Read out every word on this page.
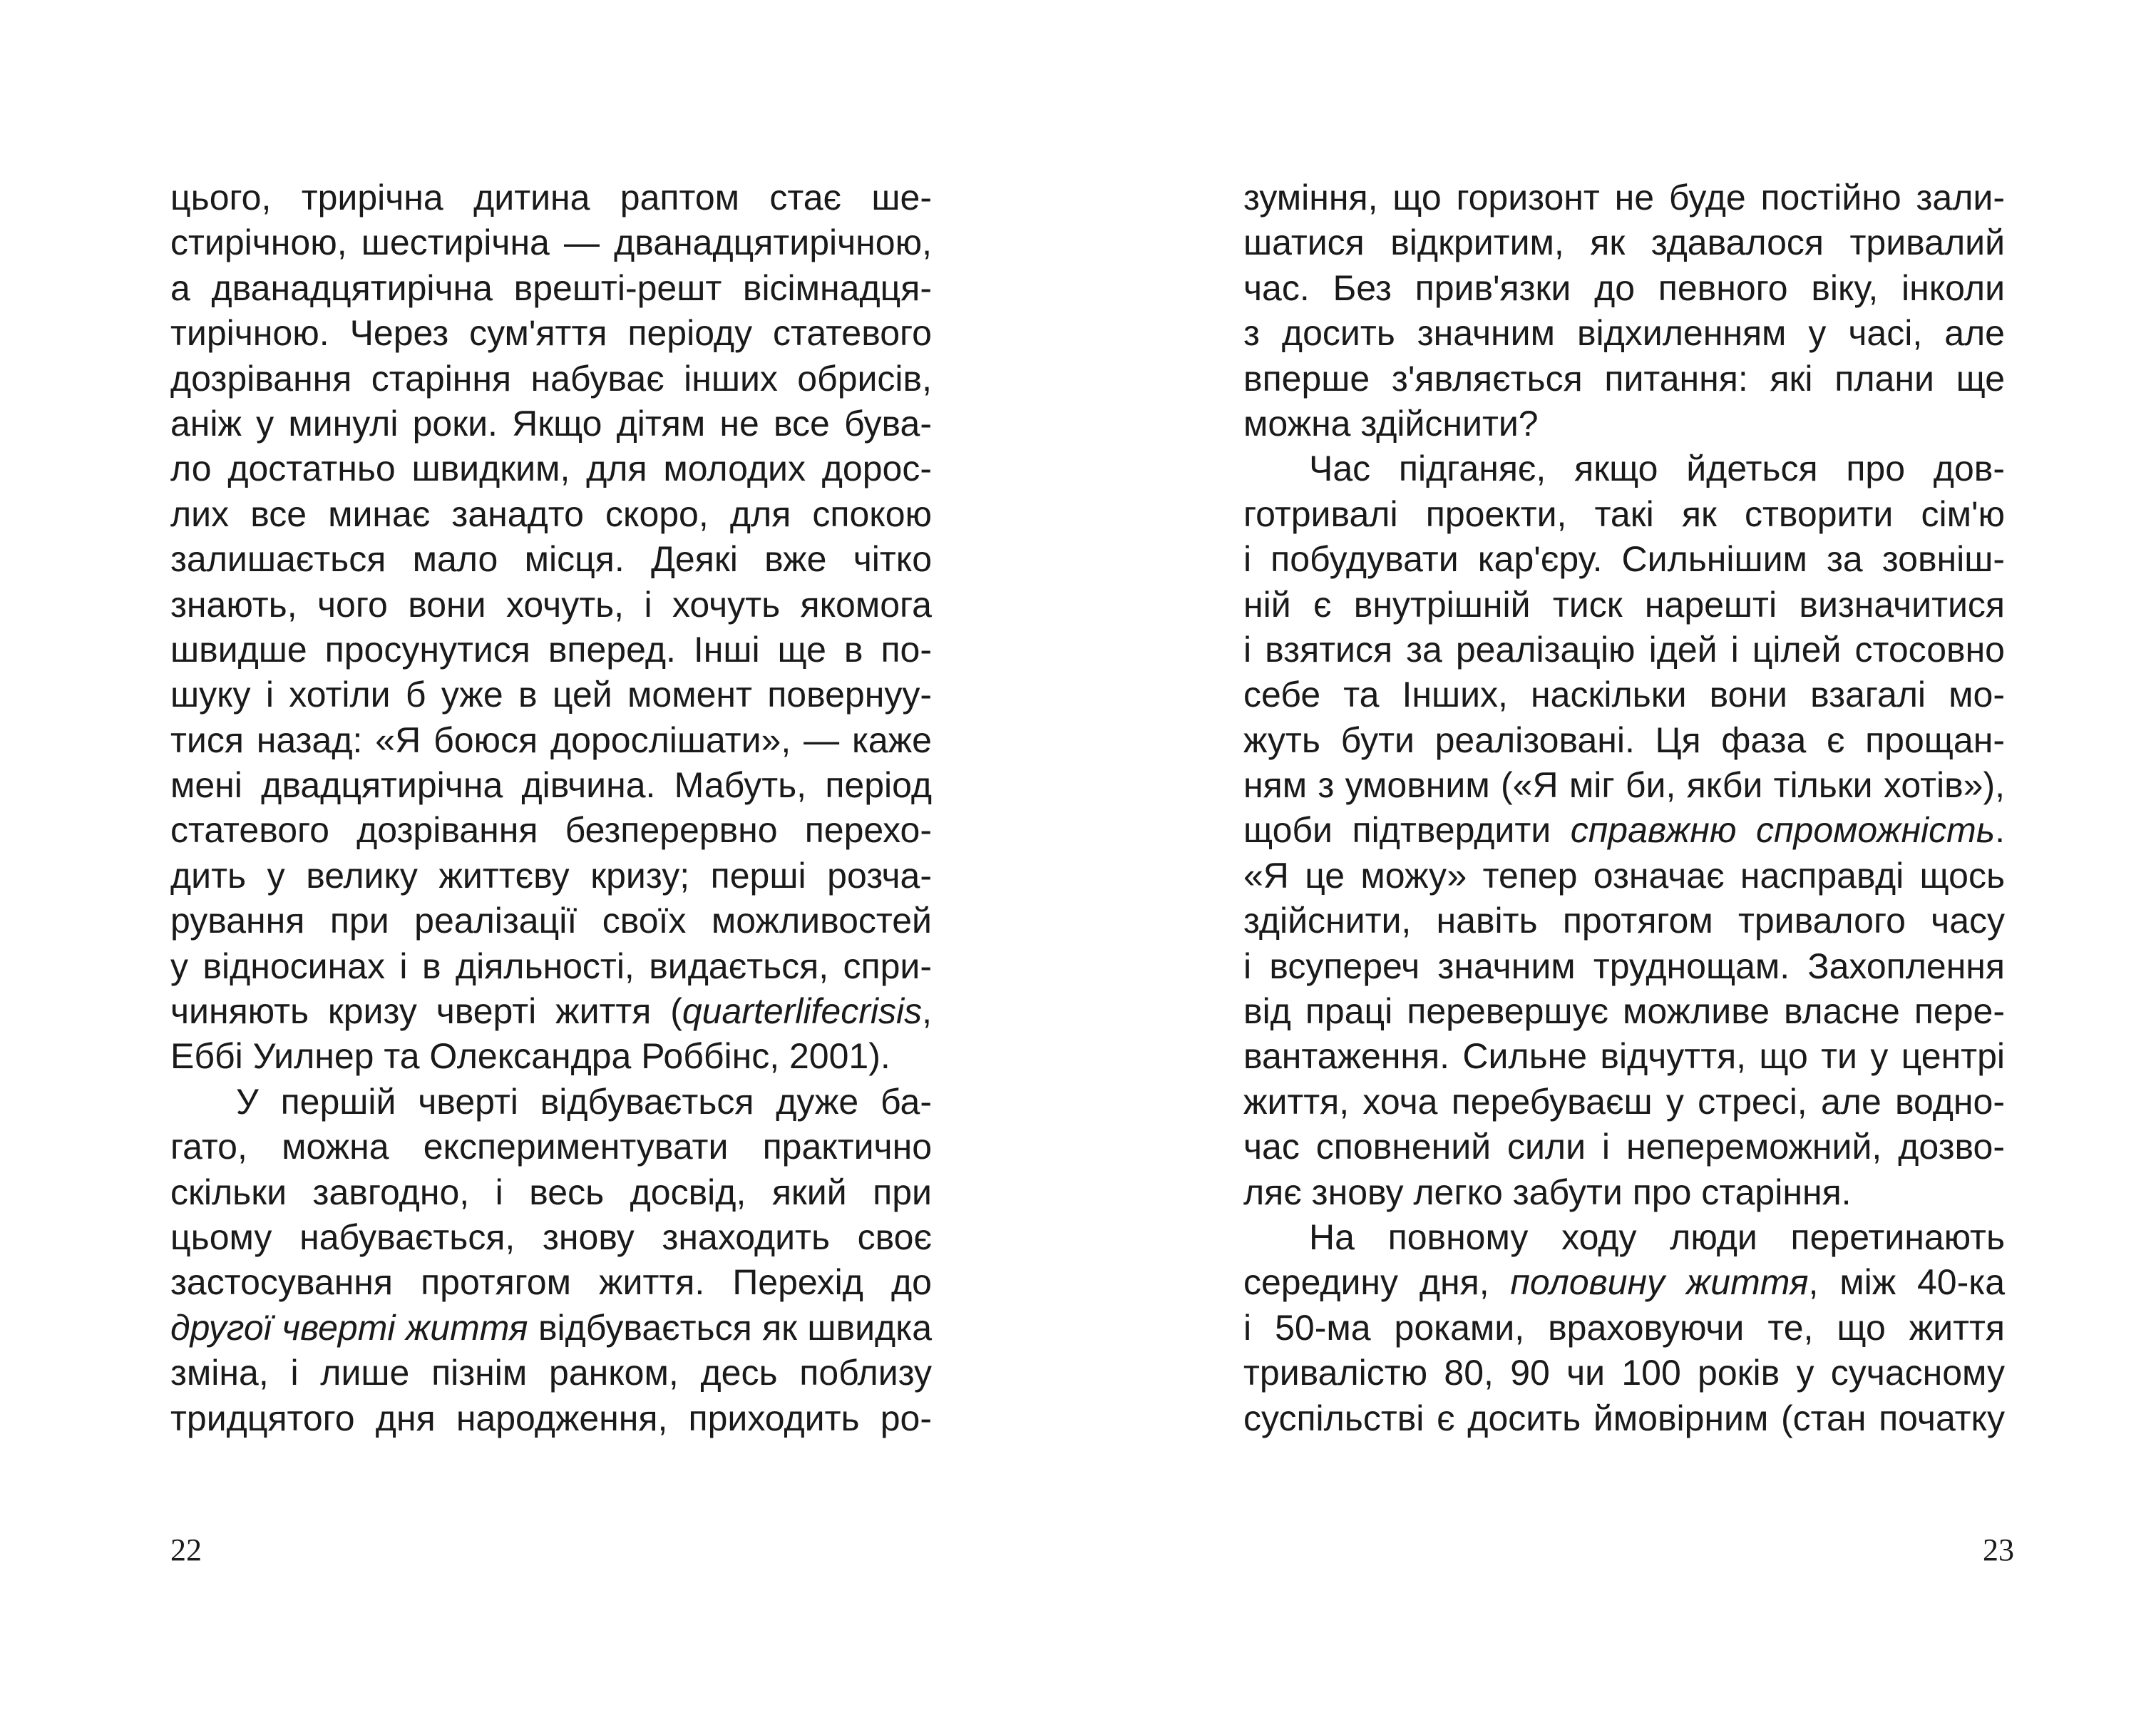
цього, трирічна дитина раптом стає ше-
стирічною, шестирічна — дванадцятирічною,
а дванадцятирічна врешті-решт вісімнадця-
тирічною. Через сум'яття періоду статевого
дозрівання старіння набуває інших обрисів,
аніж у минулі роки. Якщо дітям не все бува-
ло достатньо швидким, для молодих дорос-
лих все минає занадто скоро, для спокою
залишається мало місця. Деякі вже чітко
знають, чого вони хочуть, і хочуть якомога
швидше просунутися вперед. Інші ще в по-
шуку і хотіли б уже в цей момент повернуу-
тися назад: «Я боюся дорослішати», — каже
мені двадцятирічна дівчина. Мабуть, період
статевого дозрівання безперервно перехо-
дить у велику життєву кризу; перші розча-
рування при реалізації своїх можливостей
у відносинах і в діяльності, видається, спри-
чиняють кризу чверті життя (quarterlifecrisis,
Еббі Уилнер та Олександра Роббінс, 2001).
У першій чверті відбувається дуже ба-
гато, можна експериментувати практично
скільки завгодно, і весь досвід, який при
цьому набувається, знову знаходить своє
застосування протягом життя. Перехід до
другої чверті життя відбувається як швидка
зміна, і лише пізнім ранком, десь поблизу
тридцятого дня народження, приходить ро-
22
зуміння, що горизонт не буде постійно зали-
шатися відкритим, як здавалося тривалий
час. Без прив'язки до певного віку, інколи
з досить значним відхиленням у часі, але
вперше з'являється питання: які плани ще
можна здійснити?
Час підганяє, якщо йдеться про дов-
готривалі проекти, такі як створити сім'ю
і побудувати кар'єру. Сильнішим за зовніш-
ній є внутрішній тиск нарешті визначитися
і взятися за реалізацію ідей і цілей стосовно
себе та Інших, наскільки вони взагалі мо-
жуть бути реалізовані. Ця фаза є прощан-
ням з умовним («Я міг би, якби тільки хотів»),
щоби підтвердити справжню спроможність.
«Я це можу» тепер означає насправді щось
здійснити, навіть протягом тривалого часу
і всупереч значним труднощам. Захоплення
від праці перевершує можливе власне пере-
вантаження. Сильне відчуття, що ти у центрі
життя, хоча перебуваєш у стресі, але водно-
час сповнений сили і непереможний, дозво-
ляє знову легко забути про старіння.
На повному ходу люди перетинають
середину дня, половину життя, між 40-ка
і 50-ма роками, враховуючи те, що життя
тривалістю 80, 90 чи 100 років у сучасному
суспільстві є досить ймовірним (стан початку
23
